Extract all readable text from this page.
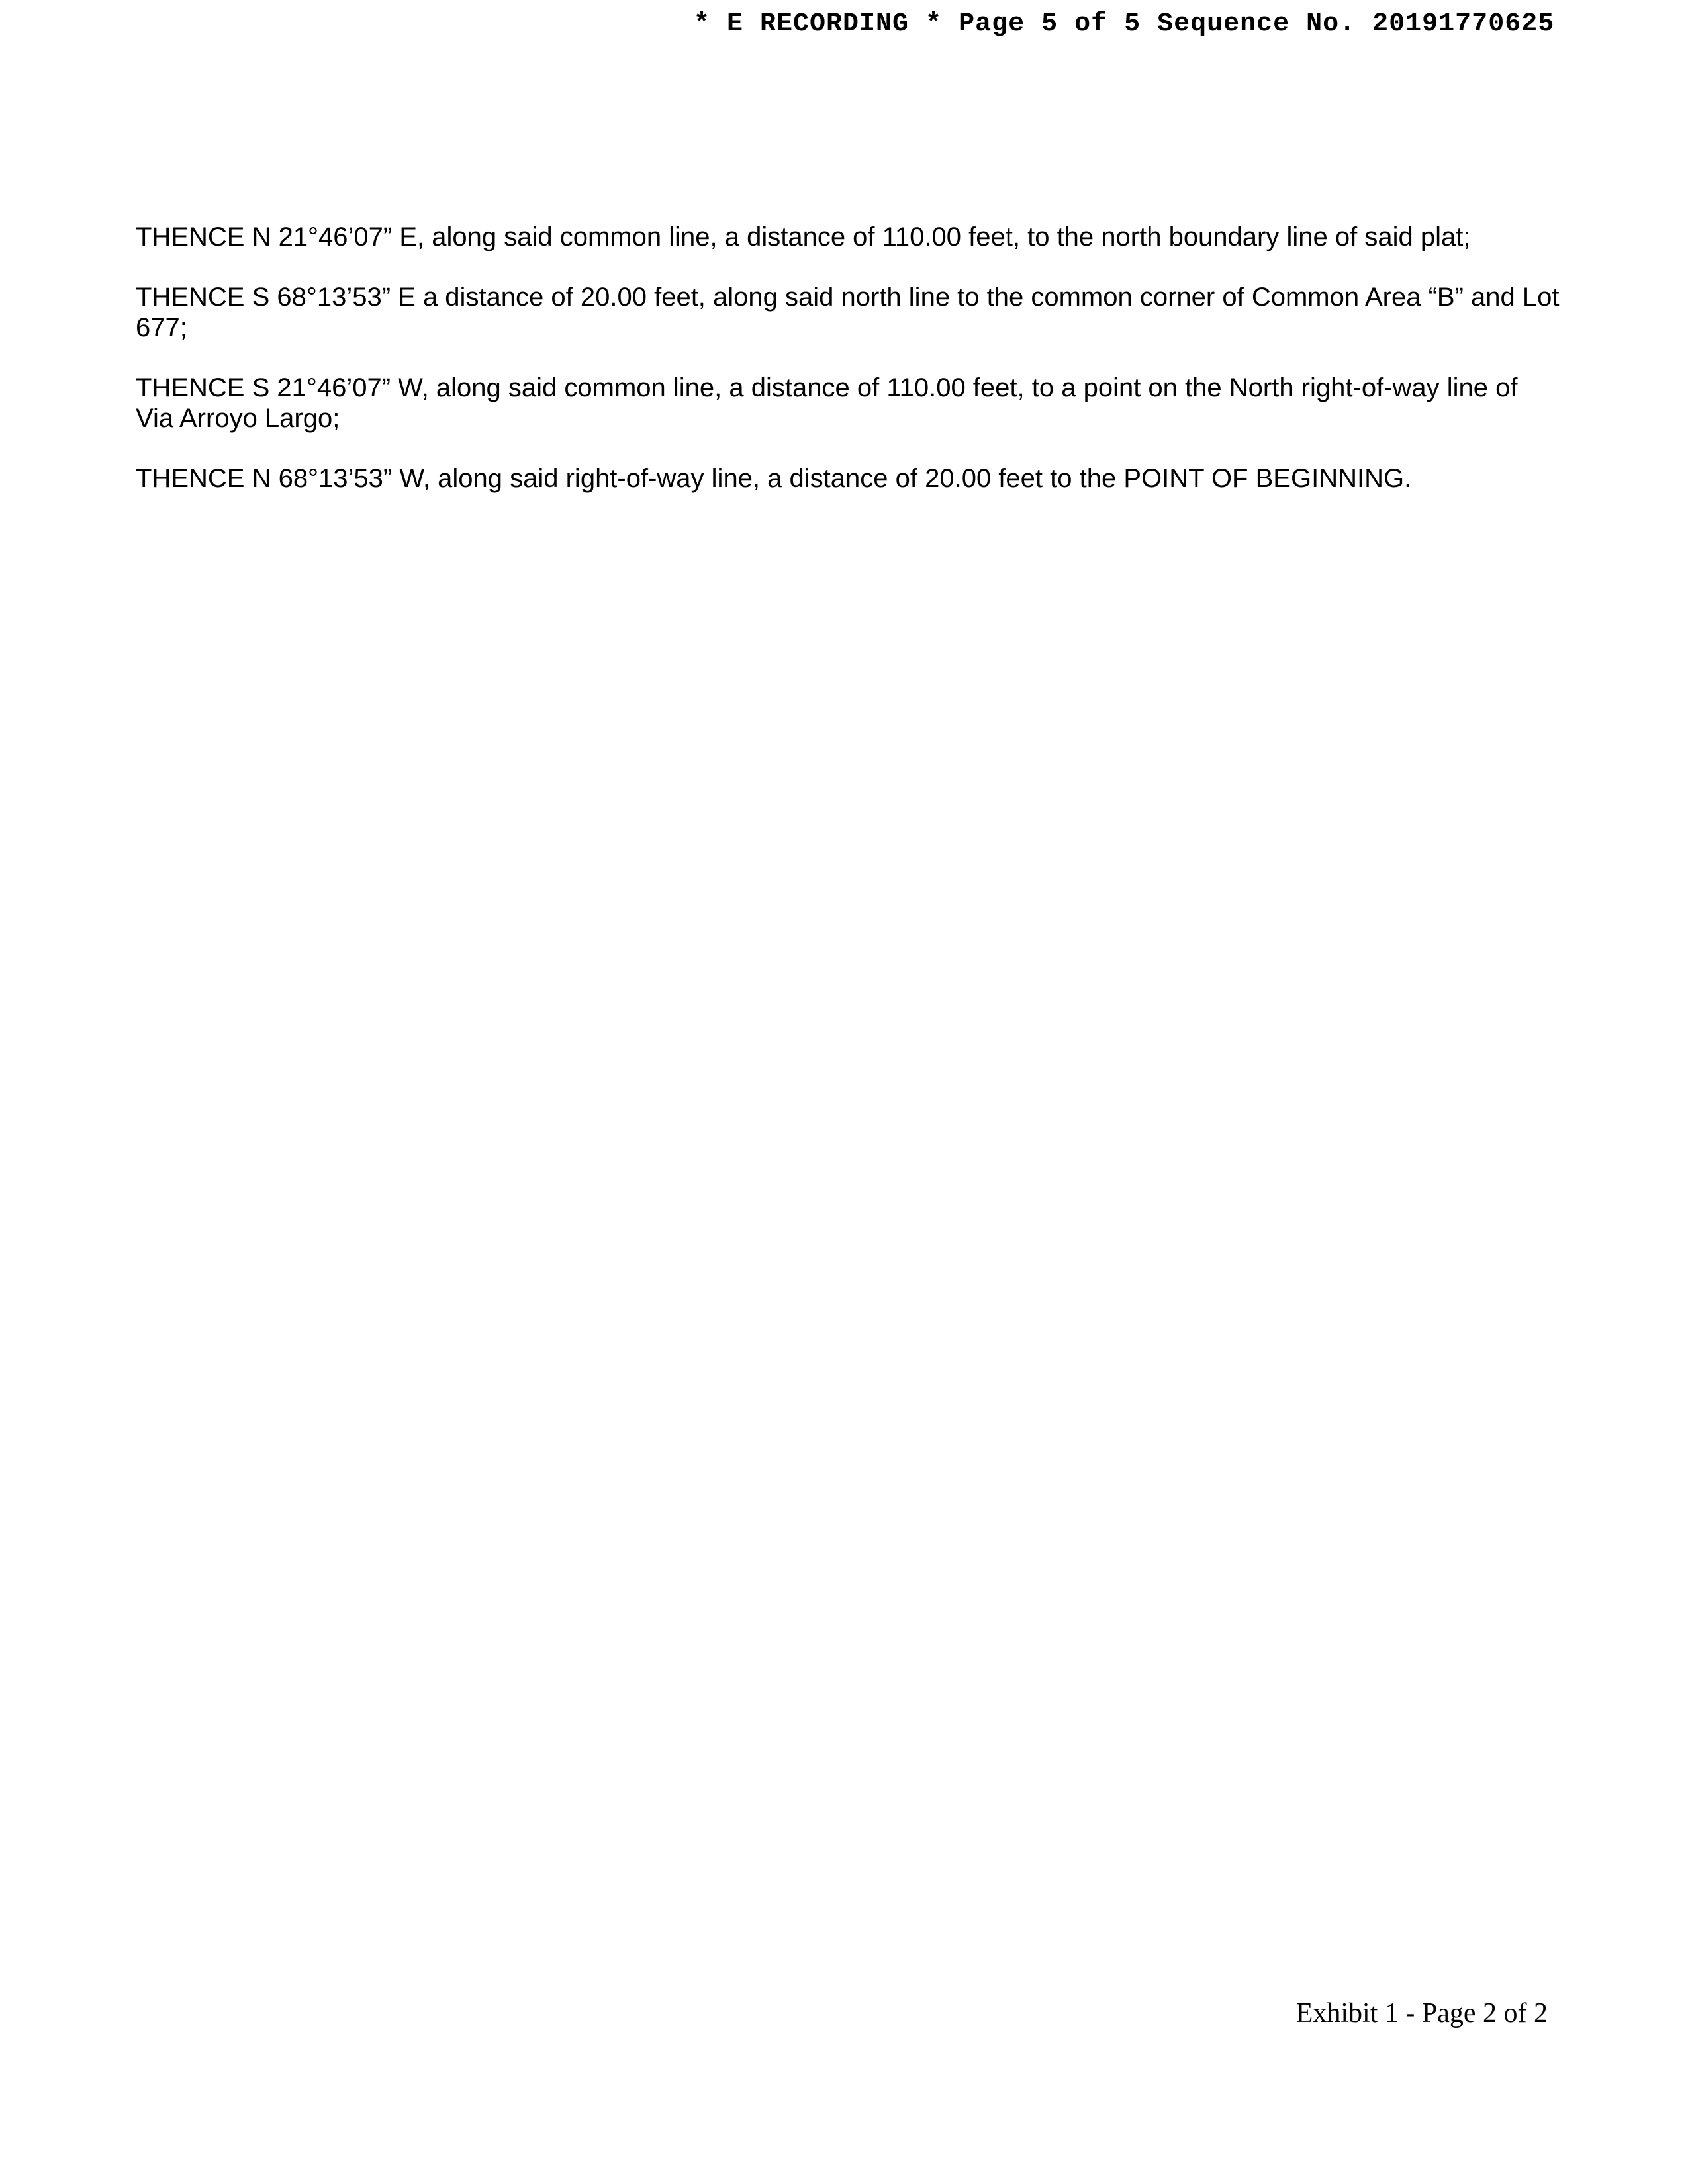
* E RECORDING * Page 5 of 5 Sequence No. 20191770625

THENCE N 21°46’07” E, along said common line, a distance of 110.00 feet, to the north boundary line of said plat;

THENCE S 68°13’53” E a distance of 20.00 feet, along said north line to the common corner of Common Area “B” and Lot
677;

THENCE S 21°46’07” W, along said common line, a distance of 110.00 feet, to a point on the North right-of-way line of
Via Arroyo Largo;

THENCE N 68°13’53” W, along said right-of-way line, a distance of 20.00 feet to the POINT OF BEGINNING.

Exhibit 1 - Page 2 of 2
